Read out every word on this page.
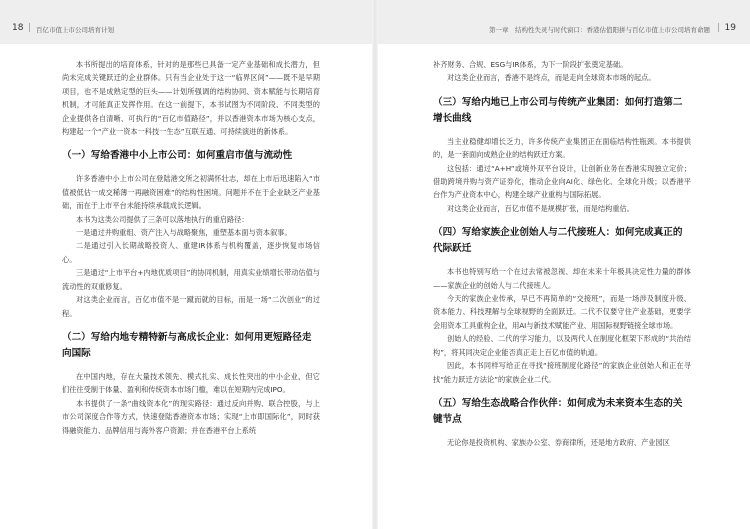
18 | 百亿市值上市公司培育计划	第一章　结构性失灵与时代窗口：香港估值阳拼与百亿市值上市公司培育命题 | 19

本书所提出的培育体系，针对的是那些已具备一定产业基础和成长潜力，但尚未完成关键跃迁的企业群体。只有当企业处于这一“临界区间”——既不是早期项目，也不是成熟定型的巨头——计划所强调的结构协同、资本赋能与长期培育机制，才可能真正发挥作用。在这一前提下，本书试图为不同阶段、不同类型的企业提供各自清晰、可执行的“百亿市值路径”，并以香港资本市场为核心支点，构建起一个“产业一资本一科技一生态”互联互通、可持续演进的新体系。

（一）写给香港中小上市公司：如何重启市值与流动性

许多香港中小上市公司在登陆港交所之初满怀壮志，却在上市后迅速陷入“市值被低估一成交稀薄一再融资困难”的结构性困境。问题并不在于企业缺乏产业基础，而在于上市平台未能持续承载成长逻辑。

本书为这类公司提供了三条可以落地执行的重启路径：

一是通过并购重组、资产注入与战略聚焦，重塑基本面与资本叙事。

二是通过引入长期战略投资人、重建IR体系与机构覆盖，逐步恢复市场信心。

三是通过“上市平台+内地优质项目”的协同机制，用真实业绩增长带动估值与流动性的双重修复。

对这类企业而言，百亿市值不是一蹴而就的目标，而是一场“二次创业”的过程。

（二）写给内地专精特新与高成长企业：如何用更短路径走向国际

在中国内地，存在大量技术领先、模式扎实、成长性突出的中小企业，但它们往往受制于体量、盈利和传统资本市场门槛，难以在短期内完成IPO。

本书提供了一条“曲线资本化”的现实路径：通过反向并购、联合控股，与上市公司深度合作等方式，快速登陆香港资本市场；实现“上市即国际化”，同时获得融资能力、品牌信用与海外客户资源；并在香港平台上系统

补齐财务、合规、ESG与IR体系，为下一阶段扩张奠定基础。

对这类企业而言，香港不是终点，而是走向全球资本市场的起点。

（三）写给内地已上市公司与传统产业集团：如何打造第二增长曲线

当主业稳健却增长乏力，许多传统产业集团正在面临结构性瓶颈。本书提供的，是一套面向成熟企业的结构跃迁方案。

这包括：通过“A+H”或境外双平台设计，让创新业务在香港实现独立定价；借助跨境并购与资产证券化，推动企业向AI化、绿色化、全球化升级；以香港平台作为产业资本中心，构建全球产业重构与国际拓展。

对这类企业而言，百亿市值不是规模扩张，而是结构重估。

（四）写给家族企业创始人与二代接班人：如何完成真正的代际跃迁

本书也特别写给一个在过去常被忽视、却在未来十年极具决定性力量的群体——家族企业的创始人与二代接班人。

今天的家族企业传承，早已不再简单的“交接班”，而是一场涉及制度升级、资本能力、科技理解与全球视野的全面跃迁。二代不仅要守住产业基础，更要学会用资本工具重构企业，用AI与新技术赋能产业、用国际视野链接全球市场。

创始人的经验、二代的学习能力，以及两代人在制度化框架下形成的“共治结构”，将其同决定企业能否真正走上百亿市值的轨道。

因此，本书同样写给正在寻找“接班制度化路径”的家族企业创始人和正在寻找“能力跃迁方法论”的家族企业二代。

（五）写给生态战略合作伙伴：如何成为未来资本生态的关键节点

无论你是投资机构、家族办公室、券商律所，还是地方政府、产业园区
